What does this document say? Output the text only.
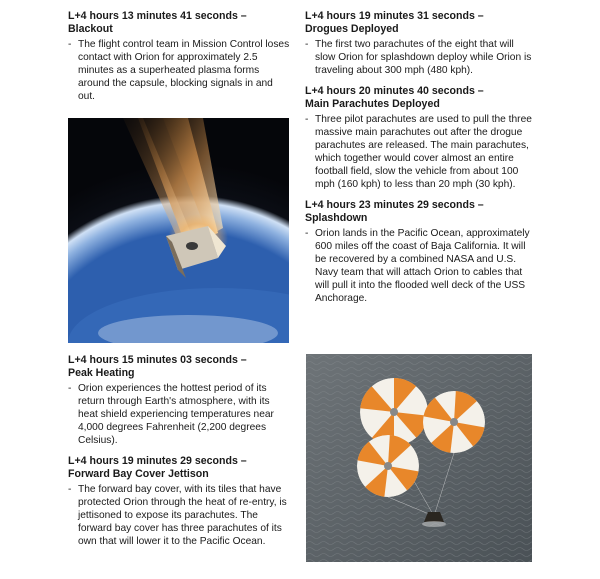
L+4 hours 13 minutes 41 seconds –
Blackout

- The flight control team in Mission Control loses contact with Orion for approximately 2.5 minutes as a superheated plasma forms around the capsule, blocking signals in and out.

L+4 hours 15 minutes 03 seconds –
Peak Heating

- Orion experiences the hottest period of its return through Earth's atmosphere, with its heat shield experiencing temperatures near 4,000 degrees Fahrenheit (2,200 degrees Celsius).

L+4 hours 19 minutes 29 seconds –
Forward Bay Cover Jettison

- The forward bay cover, with its tiles that have protected Orion through the heat of re-entry, is jettisoned to expose its parachutes. The forward bay cover has three parachutes of its own that will lower it to the Pacific Ocean.

L+4 hours 19 minutes 31 seconds –
Drogues Deployed

- The first two parachutes of the eight that will slow Orion for splashdown deploy while Orion is traveling about 300 mph (480 kph).

L+4 hours 20 minutes 40 seconds –
Main Parachutes Deployed

- Three pilot parachutes are used to pull the three massive main parachutes out after the drogue parachutes are released. The main parachutes, which together would cover almost an entire football field, slow the vehicle from about 100 mph (160 kph) to less than 20 mph (30 kph).

L+4 hours 23 minutes 29 seconds –
Splashdown

- Orion lands in the Pacific Ocean, approximately 600 miles off the coast of Baja California. It will be recovered by a combined NASA and U.S. Navy team that will attach Orion to cables that will pull it into the flooded well deck of the USS Anchorage.
